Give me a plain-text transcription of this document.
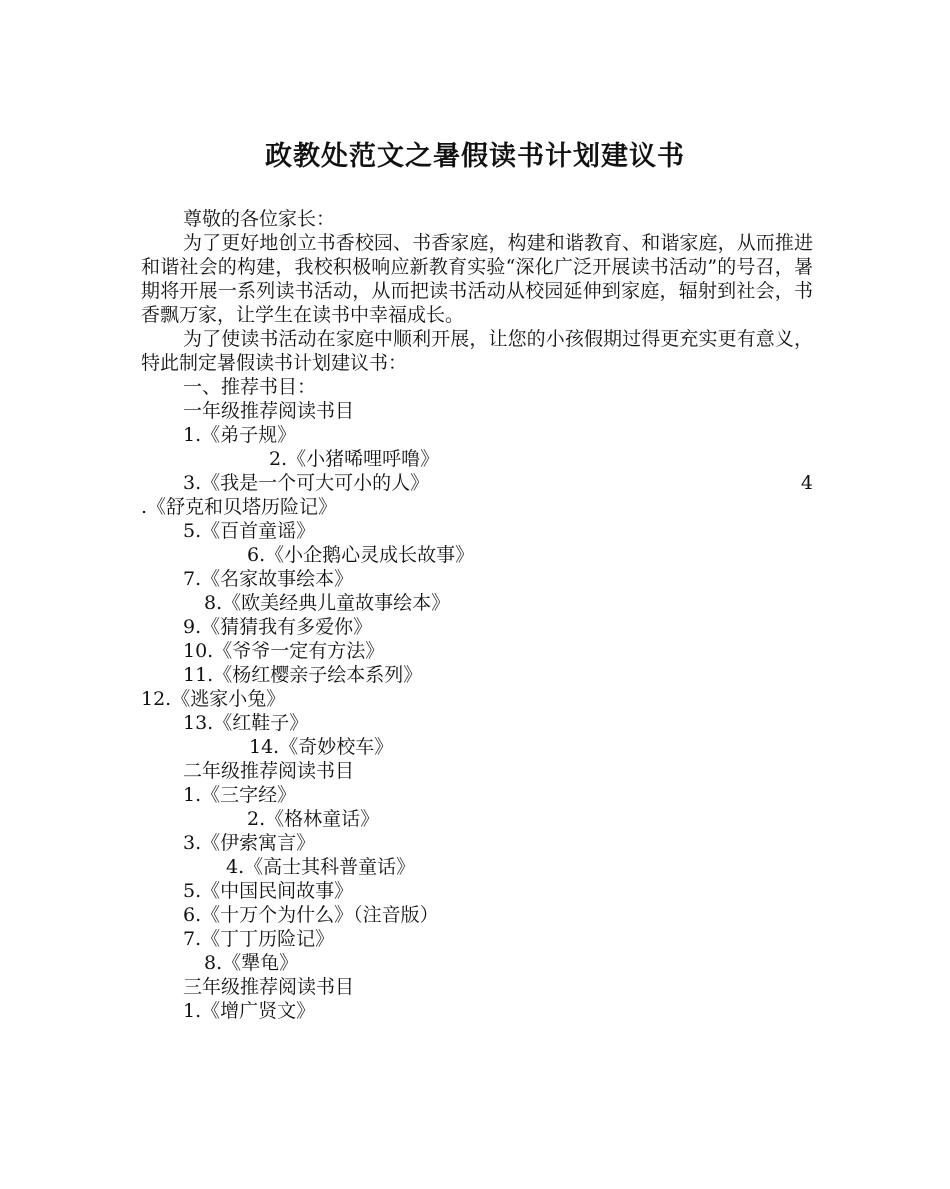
政教处范文之暑假读书计划建议书
尊敬的各位家长：

为了更好地创立书香校园、书香家庭，构建和谐教育、和谐家庭，从而推进和谐社会的构建，我校积极响应新教育实验“深化广泛开展读书活动”的号召，暑期将开展一系列读书活动，从而把读书活动从校园延伸到家庭，辐射到社会，书香飘万家，让学生在读书中幸福成长。

为了使读书活动在家庭中顺利开展，让您的小孩假期过得更充实更有意义，特此制定暑假读书计划建议书：

一、推荐书目：
一年级推荐阅读书目
1.《弟子规》
2.《小猪唏哩呼噜》
3.《我是一个可大可小的人》	4
.《舒克和贝塔历险记》
5.《百首童谣》
6.《小企鹅心灵成长故事》
7.《名家故事绘本》
8.《欧美经典儿童故事绘本》
9.《猜猜我有多爱你》
10.《爷爷一定有方法》
11.《杨红樱亲子绘本系列》
12.《逃家小兔》
13.《红鞋子》
14.《奇妙校车》
二年级推荐阅读书目
1.《三字经》
2.《格林童话》
3.《伊索寓言》
4.《高士其科普童话》
5.《中国民间故事》
6.《十万个为什么》（注音版）
7.《丁丁历险记》
8.《犟龟》
三年级推荐阅读书目
1.《增广贤文》
